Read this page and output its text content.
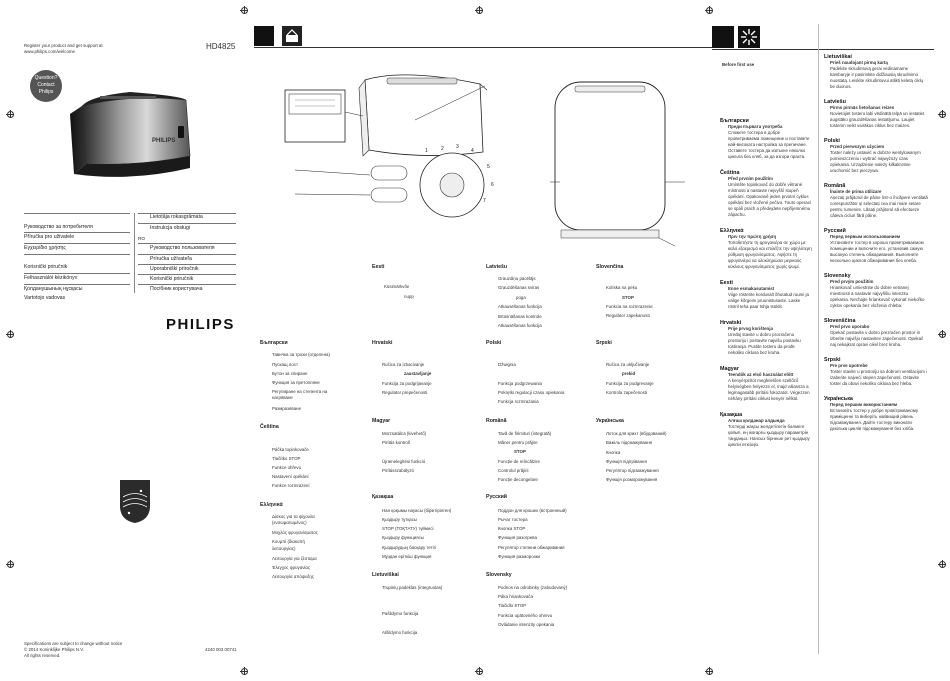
Register your product and get support at
www.philips.com/welcome
HD4825
Question?
Contact
Philips
PHILIPS
Руководство за потребителя
Příručka pro uživatele
Εγχειρίδιο χρήσης
Korisnički priručnik
Felhasználói kézikönyv
Қолданушының нұсқасы
Vartotojo vadovas
Lietotāja rokasgrāmata
Instrukcja obsługi
RO
Руководство пользователя
Príručka užívateľa
Uporabniški priročnik
Korisnički priručnik
Посібник користувача
PHILIPS
Specifications are subject to change without notice
© 2014 Koninklijke Philips N.V.
All rights reserved.
4240 003 00741
1	2 3
4
5
6
7
Eesti
Küsimärkvõe
nupp
Latviešu
Grauzdiņu pacēlājs
Grauzdēšanas sviras
poga
Atkausēšanas funkcija
Brūnināšanas kontrole
Atkausēšanas funkcija
Slovenčina
Kolíska na peku
STOP
Funkcia na rozmrazenie
Regulátor zapekanosti
Български
Тавичка за трохи (отделена)
Пускащ лост
Бутон за спиране
Функция за претопляне
Регулиране на степента на
нагряване
Размразяване
Hrvatski
Ručica za izbacivanje
zaustavljanje
Funkcija za podgrijavanje
Regulator prepečenosti
Polski
Dźwignia
Funkcja podgrzewania
Pokrętło regulacji czasu opiekania
Funkcja rozmrażania
Srpski
Ručica za uključivanje
prekid
Funkcija za podgrevanje
Kontrola zapečenosti
Čeština
Páčka topinkovače
Tlačítko STOP
Funkce ohřevu
Nastavení opékání
Funkce rozmrazení
Magyar
Morzsatálca (kivehető)
Pirítás kontroll
Újramelegítési funkció
Pirításszabályzó
Română
Tavă de firimituri (integrată)
Mâner pentru prăjire
STOP
Funcție de reîncălzire
Controlul prăjirii
Funcție decongelare
Українська
Лоток для крихт (вбудований)
Важіль підсмажування
Кнопка
Функція підігрівання
Регулятор підсмажування
Функція розморожування
Ελληνικά
Δίσκος για τα ψίχουλα
(ενσωματωμένος)
Μοχλός φρυγανίσματος
Κουμπί (διακοπή
λειτουργίας)
Λειτουργία για ζέσταμα
Έλεγχος φρυγανίας
Λειτουργία απόψυξης
Қазақша
Нан қоқымы науасы (бірiктiрiлген)
Қыздыру тұтқасы
STOP (ТОҚТАТУ) түймесі
Қыздыру функциясы
Қыздырудың басқару тетігі
Мұздан еріткіш функция
Русский
Поддон для крошек (встроенный)
Рычаг тостера
Кнопка STOP
Функция разогрева
Регулятор степени обжаривания
Функция разморозки
Lietuviškai
Trupinių padėklas (integruotas)
Pašildymo funkcija
Atšildymo funkcija
Slovensky
Podnos na odrobinky (zabudovaný)
Páka hriankovača
Tlačidlo STOP
Funkcia opätovného ohrevu
Ovládanie intenzity opekania
Before first use
Български
Преди първата употреба
Сложете тостера в добре проветриваема помещение и поставете най-високата настройка за препичане. Оставете тостера да изпъкне няколко цикъла без хляб, за да изгори прахта.
Čeština
Před prvním použitím
Umístěte topinkovač do dobře větrané místnosti a nastavte nejvyšší stupeň opékání. Opakovaně jeden prvotní cyklus opékání bez vložené pečivo. Touto operací se spálí prach a předejdete nepříjemnému zápachu.
Ελληνικά
Πριν την πρώτη χρήση
Τοποθετήστε τη φρυγανιέρα σε χώρο με καλό εξαερισμό και επιλέξτε την υψηλότερη ρύθμιση φρυγανίσματος. Αφήστε τη φρυγανιέρα να ολοκληρώσει μερικούς κύκλους φρυγανίσματος χωρίς ψωμί.
Eesti
Enne esmakasutamist
Viige rösterite korduvalt õhutatud ruumi ja valige kõrgeim pruunistusaste. Laske röstril teha paar tühja tsüklit.
Hrvatski
Prije prvog korištenja
Uređaj stavite u dobro prozračenu prostoriju i postavite najvišu postavku tostiranja. Pustite tosteru da prođe nekoliko ciklusa bez kruha.
Magyar
Teendők az első használat előtt
A kenyérpirítót megfelelően szellőző helyiségben helyezze el, majd válassza a legmagasabb pirítási fokozatot. Végezzen néhány pirítási ciklust kenyér nélkül.
Қазақша
Алғаш қолданар алдында
Тостерді жақсы желдетілетін бөлмеге қойып, ең жоғарғы қыздыру параметрін таңдаңыз. Нансыз бірнеше рет қыздыру циклін өткізіңіз.
Lietuviškai
Prieš naudojant pirmą kartą
Padėkite skrudintuvą gerai vėdinamame kambaryje ir pasirinkite didžiausią skrudinimo nuostatą. Leiskite skrudintuvui atlikti keletą ciklų be duonos.
Latviešu
Pirms pirmās lietošanas reizes
Novietojiet tosteru labi vēdinātā telpā un iestatiet augstāko grauzdēšanas iestatījumu. Ļaujiet tosterim veikt vairākus ciklus bez maizes.
Polski
Przed pierwszym użyciem
Toster należy ustawić w dobrze wentylowanym pomieszczeniu i wybrać najwyższy czas opiekania. Urządzenie należy kilkakrotnie uruchomić bez pieczywa.
Română
Înainte de prima utilizare
Așezați prăjitorul de pâine într-o încăpere ventilată corespunzător și selectați cea mai mare setare pentru rumenire. Lăsați prăjitorul să efectueze câteva cicluri fără pâine.
Русский
Перед первым использованием
Установите тостер в хорошо проветриваемом помещении и включите его, установив самую высокую степень обжаривания. Выполните несколько циклов обжаривания без хлеба.
Slovensky
Pred prvým použitím
Hriankovač umiestnite do dobre vetranej miestnosti a nastavte najvyššiu intenzitu opekania. Nechajte hriankovač vykonať niekoľko cyklov opekania bez vloženia chleba.
Slovenščina
Pred prvo uporabo
Opekač postavite v dobro prezračen prostor in izberite najvišjo nastavitev zapečenosti. Opekač naj nekajkrat opravi cikel brez kruha.
Srpski
Pre prve upotrebe
Toster stavite u prostoriju sa dobrom ventilacijom i izaberite najveći stepen zapečenosti. Ostavite toster da obavi nekoliko ciklusa bez hleba.
Українська
Перед першим використанням
Встановіть тостер у добре провітрюваному приміщенні та виберіть найвищий рівень підсмажування. Дайте тостеру виконати декілька циклів підсмажування без хліба.
